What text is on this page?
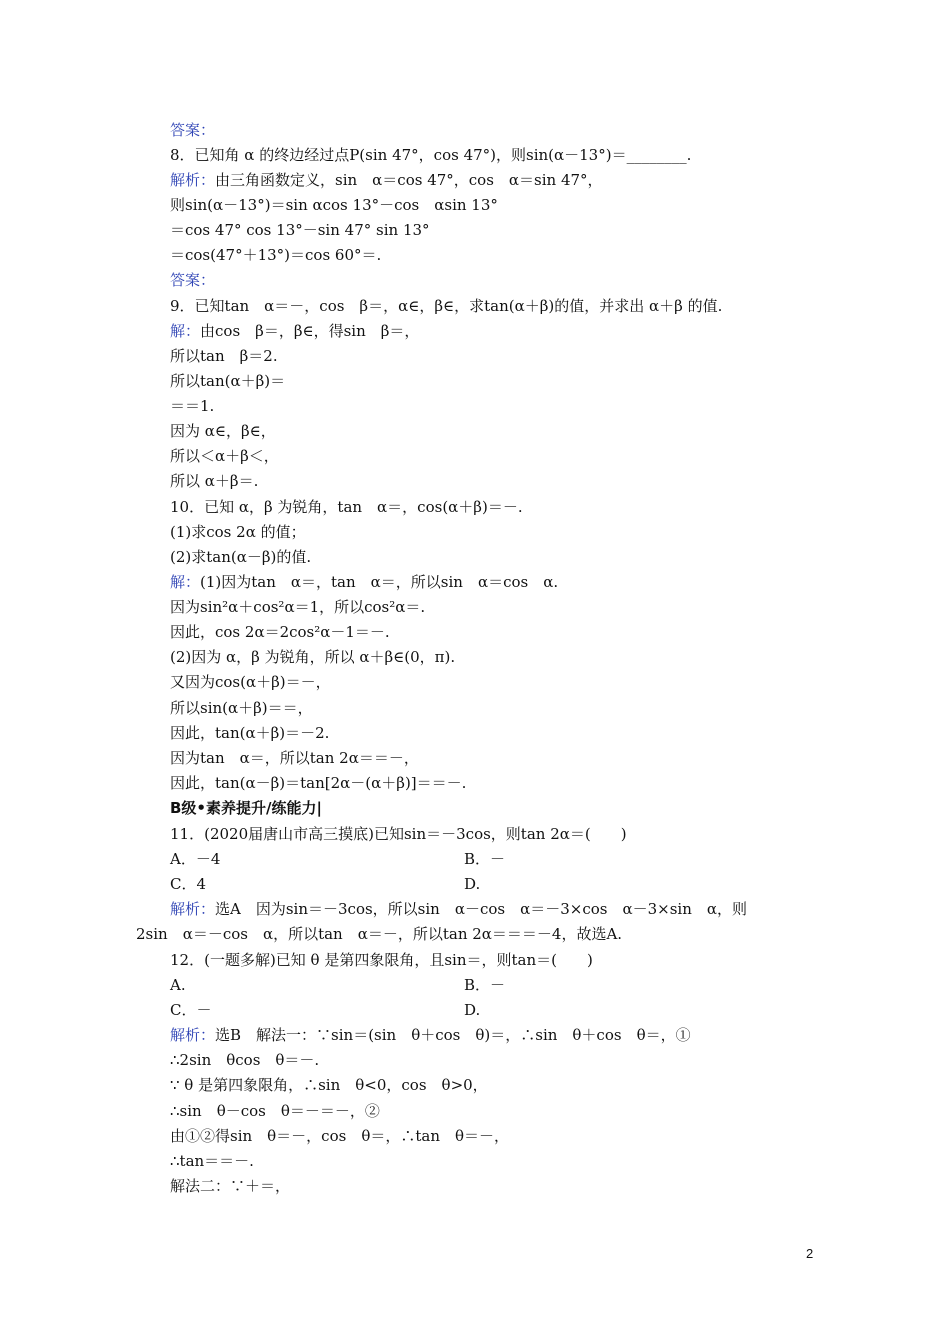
答案：
8．已知角 α 的终边经过点P(sin 47°，cos 47°)，则sin(α－13°)＝________.
解析：由三角函数定义，sin　α＝cos 47°，cos　α＝sin 47°，
则sin(α－13°)＝sin αcos 13°－cos　αsin 13°
＝cos 47° cos 13°－sin 47° sin 13°
＝cos(47°＋13°)＝cos 60°＝.
答案：
9．已知tan　α＝－，cos　β＝，α∈，β∈，求tan(α＋β)的值，并求出 α＋β 的值.
解：由cos　β＝，β∈，得sin　β＝，
所以tan　β＝2.
所以tan(α＋β)＝
＝＝1.
因为 α∈，β∈，
所以＜α＋β＜，
所以 α＋β＝.
10．已知 α，β 为锐角，tan　α＝，cos(α＋β)＝－.
(1)求cos 2α 的值；
(2)求tan(α－β)的值.
解：(1)因为tan　α＝，tan　α＝，所以sin　α＝cos　α.
因为sin²α＋cos²α＝1，所以cos²α＝.
因此，cos 2α＝2cos²α－1＝－.
(2)因为 α，β 为锐角，所以 α＋β∈(0，π).
又因为cos(α＋β)＝－，
所以sin(α＋β)＝＝，
因此，tan(α＋β)＝－2.
因为tan　α＝，所以tan 2α＝＝－，
因此，tan(α－β)＝tan[2α－(α＋β)]＝＝－.
B级•素养提升/练能力|
11．(2020届唐山市高三摸底)已知sin＝－3cos，则tan 2α＝(　　)
A．－4	B．－
C．4	D.
解析：选A　因为sin＝－3cos，所以sin　α－cos　α＝－3×cos　α－3×sin　α，则
2sin　α＝－cos　α，所以tan　α＝－，所以tan 2α＝＝＝－4，故选A.
12．(一题多解)已知 θ 是第四象限角，且sin＝，则tan＝(　　)
A.	B．－
C．－	D.
解析：选B　解法一：∵sin＝(sin　θ＋cos　θ)＝，∴sin　θ＋cos　θ＝，①
∴2sin　θcos　θ＝－.
∵ θ 是第四象限角，∴sin　θ<0，cos　θ>0，
∴sin　θ－cos　θ＝－＝－，②
由①②得sin　θ＝－，cos　θ＝，∴tan　θ＝－，
∴tan＝＝－.
解法二：∵＋＝，
2
